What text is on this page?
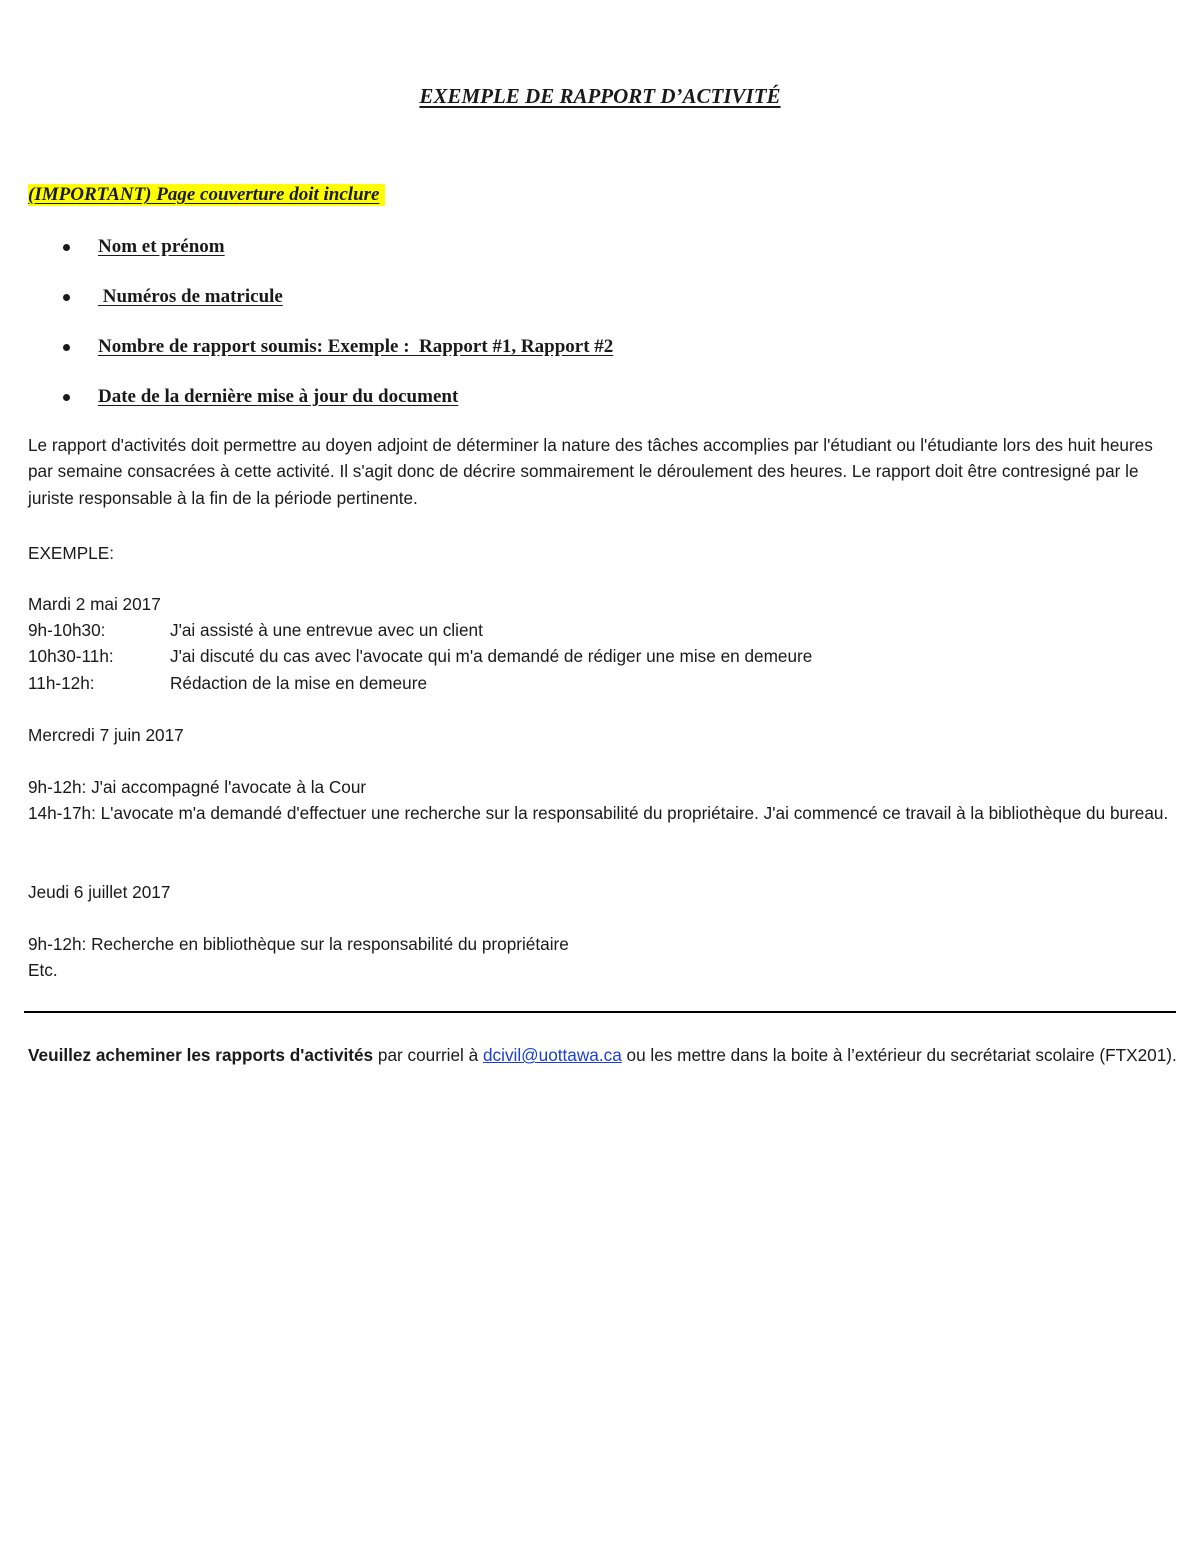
EXEMPLE DE RAPPORT D’ACTIVITÉ
(IMPORTANT) Page couverture doit inclure
Nom et prénom
Numéros de matricule
Nombre de rapport soumis: Exemple :  Rapport #1, Rapport #2
Date de la dernière mise à jour du document

Le rapport d'activités doit permettre au doyen adjoint de déterminer la nature des tâches accomplies par l'étudiant ou l'étudiante lors des huit heures par semaine consacrées à cette activité. Il s'agit donc de décrire sommairement le déroulement des heures. Le rapport doit être contresigné par le juriste responsable à la fin de la période pertinente.

EXEMPLE:

Mardi 2 mai 2017

9h-10h30:	J'ai assisté à une entrevue avec un client
10h30-11h:	J'ai discuté du cas avec l'avocate qui m'a demandé de rédiger une mise en demeure
11h-12h:	Rédaction de la mise en demeure

Mercredi 7 juin 2017

9h-12h: J'ai accompagné l'avocate à la Cour

14h-17h: L'avocate m'a demandé d'effectuer une recherche sur la responsabilité du propriétaire. J'ai commencé ce travail à la bibliothèque du bureau.

Jeudi 6 juillet 2017

9h-12h: Recherche en bibliothèque sur la responsabilité du propriétaire

Etc.

Veuillez acheminer les rapports d'activités par courriel à dcivil@uottawa.ca ou les mettre dans la boite à l’extérieur du secrétariat scolaire (FTX201).
